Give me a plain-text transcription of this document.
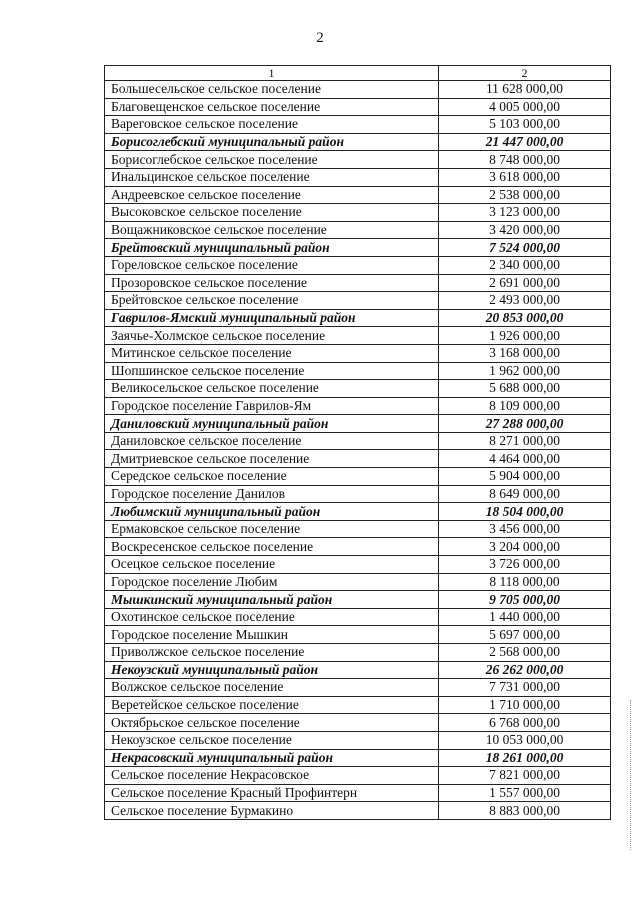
2
1	2
Большесельское сельское поселение	11 628 000,00
Благовещенское сельское поселение	4 005 000,00
Вареговское сельское поселение	5 103 000,00
Борисоглебский муниципальный район	21 447 000,00
Борисоглебское сельское поселение	8 748 000,00
Инальцинское сельское поселение	3 618 000,00
Андреевское сельское поселение	2 538 000,00
Высоковское сельское поселение	3 123 000,00
Вощажниковское сельское поселение	3 420 000,00
Брейтовский муниципальный район	7 524 000,00
Гореловское сельское поселение	2 340 000,00
Прозоровское сельское поселение	2 691 000,00
Брейтовское сельское поселение	2 493 000,00
Гаврилов-Ямский муниципальный район	20 853 000,00
Заячье-Холмское сельское поселение	1 926 000,00
Митинское сельское поселение	3 168 000,00
Шопшинское сельское поселение	1 962 000,00
Великосельское сельское поселение	5 688 000,00
Городское поселение Гаврилов-Ям	8 109 000,00
Даниловский муниципальный район	27 288 000,00
Даниловское сельское поселение	8 271 000,00
Дмитриевское сельское поселение	4 464 000,00
Середское сельское поселение	5 904 000,00
Городское поселение Данилов	8 649 000,00
Любимский муниципальный район	18 504 000,00
Ермаковское сельское поселение	3 456 000,00
Воскресенское сельское поселение	3 204 000,00
Осецкое сельское поселение	3 726 000,00
Городское поселение Любим	8 118 000,00
Мышкинский муниципальный район	9 705 000,00
Охотинское сельское поселение	1 440 000,00
Городское поселение Мышкин	5 697 000,00
Приволжское сельское поселение	2 568 000,00
Некоузский муниципальный район	26 262 000,00
Волжское сельское поселение	7 731 000,00
Веретейское сельское поселение	1 710 000,00
Октябрьское сельское поселение	6 768 000,00
Некоузское сельское поселение	10 053 000,00
Некрасовский муниципальный район	18 261 000,00
Сельское поселение Некрасовское	7 821 000,00
Сельское поселение Красный Профинтерн	1 557 000,00
Сельское поселение Бурмакино	8 883 000,00
